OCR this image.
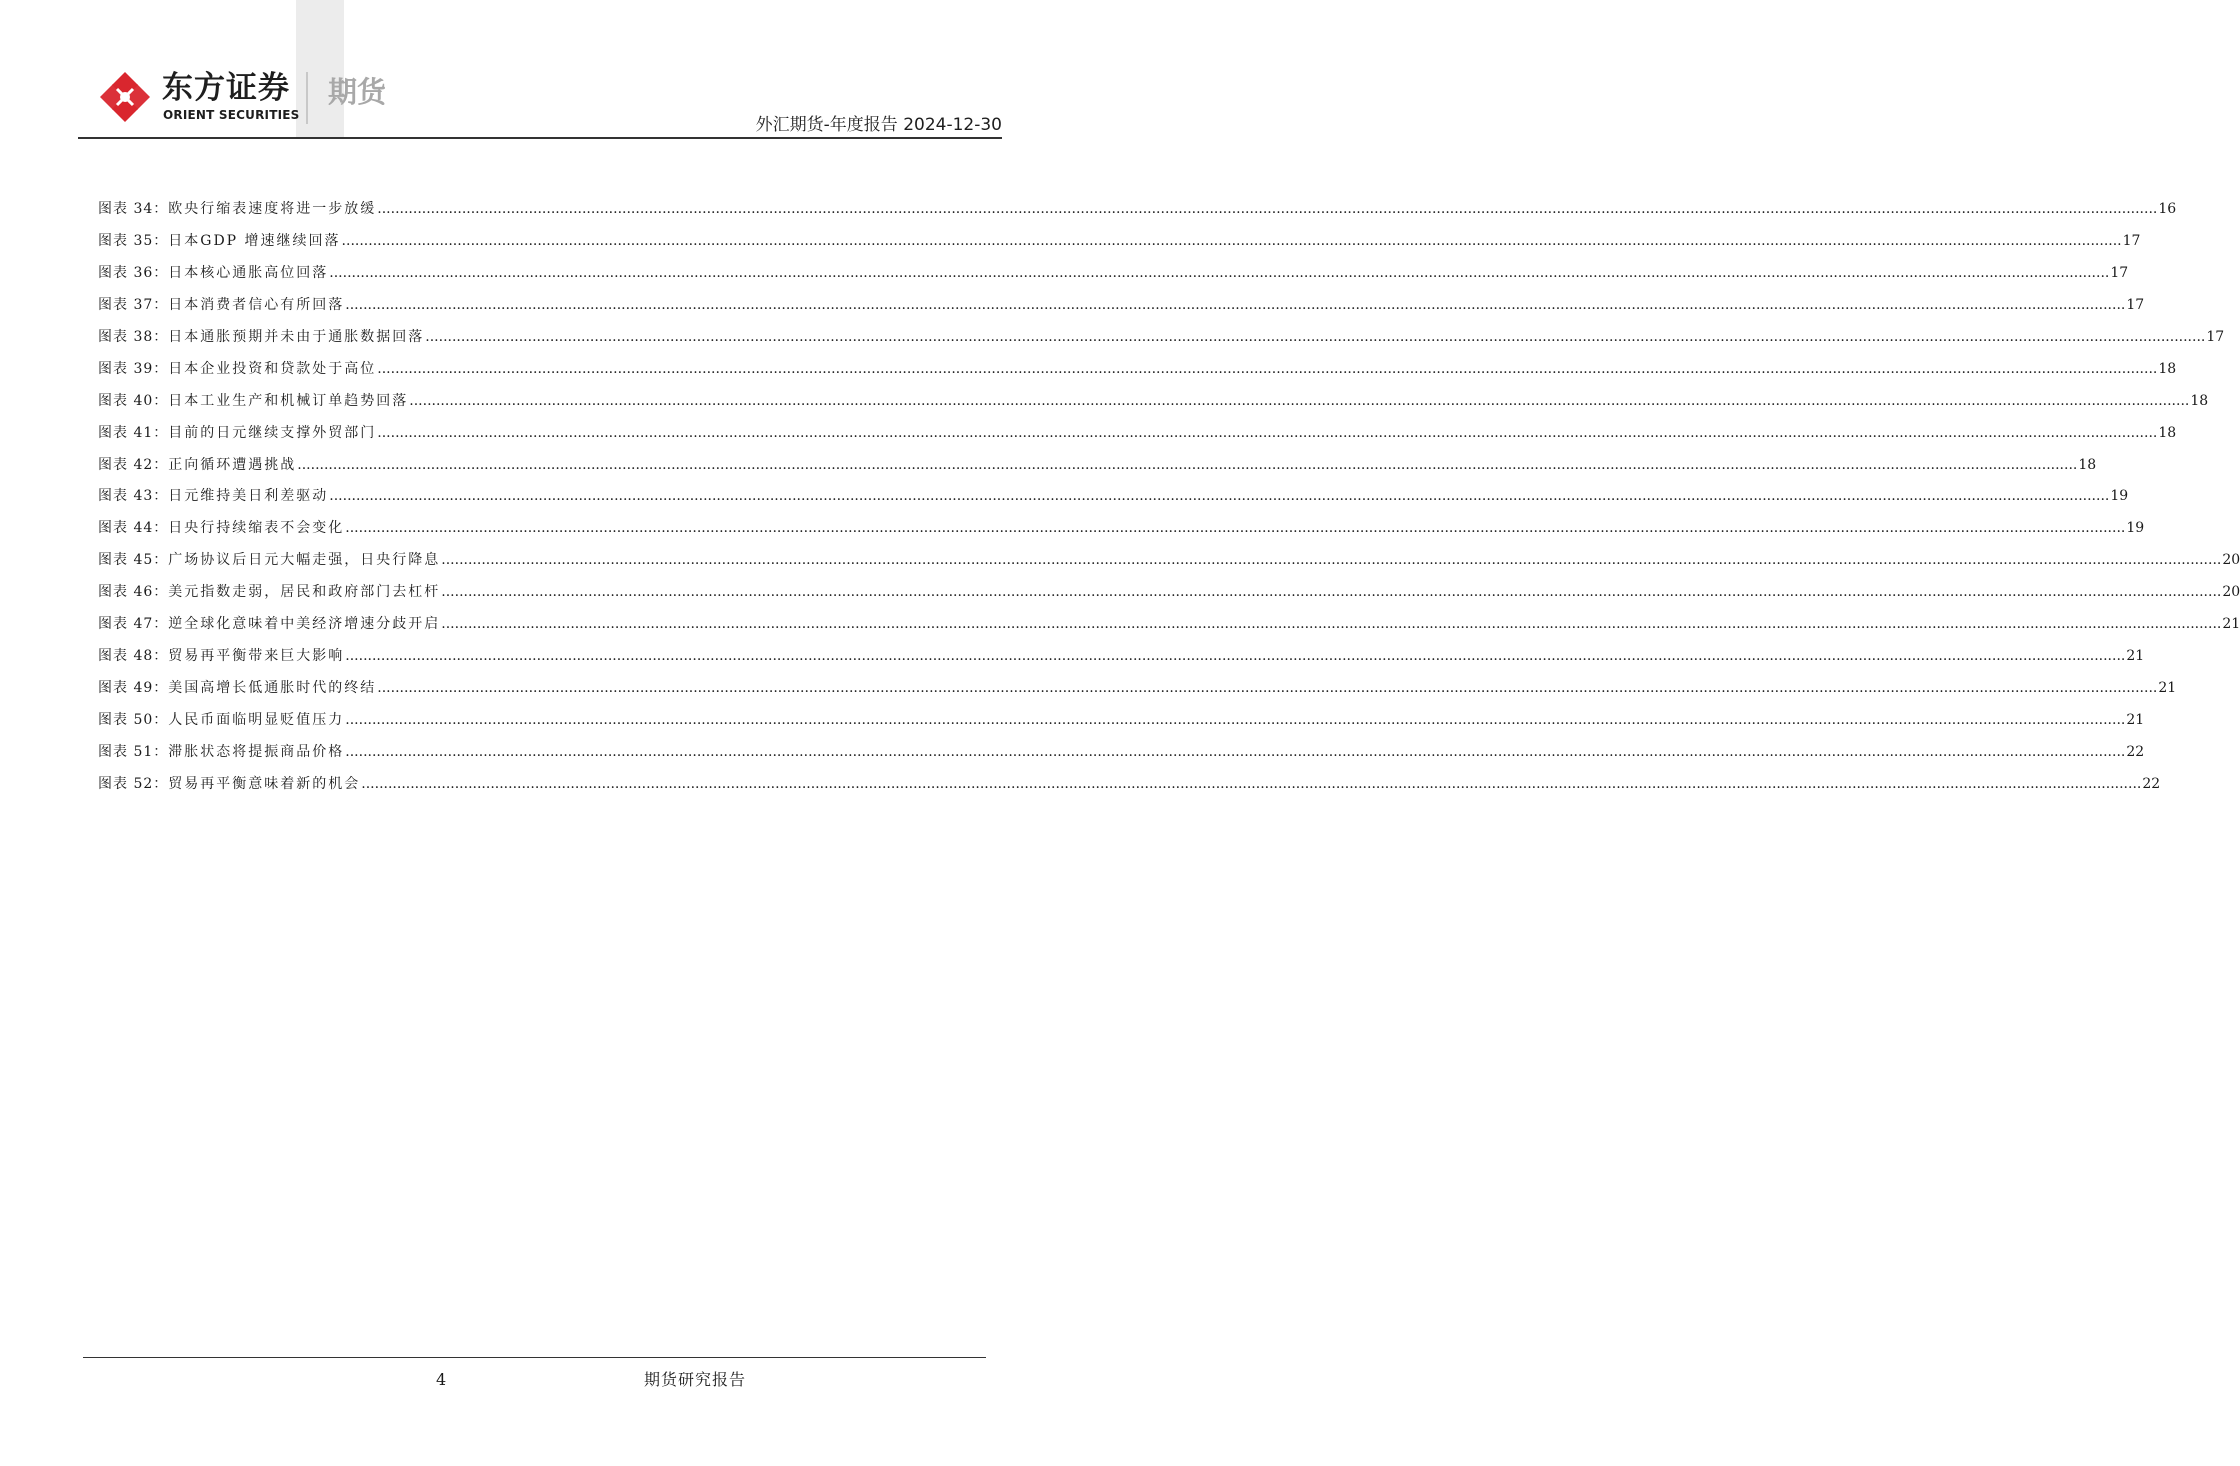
东方证券
ORIENT SECURITIES
期货
外汇期货-年度报告 2024-12-30
图表 34： 欧央行缩表速度将进一步放缓 ................................................................................................................................................................................................................................................................................................................................................................................................................ 16
图表 35： 日本GDP 增速继续回落 ................................................................................................................................................................................................................................................................................................................................................................................................................ 17
图表 36： 日本核心通胀高位回落 ................................................................................................................................................................................................................................................................................................................................................................................................................ 17
图表 37： 日本消费者信心有所回落 ................................................................................................................................................................................................................................................................................................................................................................................................................ 17
图表 38： 日本通胀预期并未由于通胀数据回落 ................................................................................................................................................................................................................................................................................................................................................................................................................ 17
图表 39： 日本企业投资和贷款处于高位 ................................................................................................................................................................................................................................................................................................................................................................................................................ 18
图表 40： 日本工业生产和机械订单趋势回落 ................................................................................................................................................................................................................................................................................................................................................................................................................ 18
图表 41： 目前的日元继续支撑外贸部门 ................................................................................................................................................................................................................................................................................................................................................................................................................ 18
图表 42： 正向循环遭遇挑战 ................................................................................................................................................................................................................................................................................................................................................................................................................ 18
图表 43： 日元维持美日利差驱动 ................................................................................................................................................................................................................................................................................................................................................................................................................ 19
图表 44： 日央行持续缩表不会变化 ................................................................................................................................................................................................................................................................................................................................................................................................................ 19
图表 45： 广场协议后日元大幅走强，日央行降息 ................................................................................................................................................................................................................................................................................................................................................................................................................ 20
图表 46： 美元指数走弱，居民和政府部门去杠杆 ................................................................................................................................................................................................................................................................................................................................................................................................................ 20
图表 47： 逆全球化意味着中美经济增速分歧开启 ................................................................................................................................................................................................................................................................................................................................................................................................................ 21
图表 48： 贸易再平衡带来巨大影响 ................................................................................................................................................................................................................................................................................................................................................................................................................ 21
图表 49： 美国高增长低通胀时代的终结 ................................................................................................................................................................................................................................................................................................................................................................................................................ 21
图表 50： 人民币面临明显贬值压力 ................................................................................................................................................................................................................................................................................................................................................................................................................ 21
图表 51： 滞胀状态将提振商品价格 ................................................................................................................................................................................................................................................................................................................................................................................................................ 22
图表 52： 贸易再平衡意味着新的机会 ................................................................................................................................................................................................................................................................................................................................................................................................................ 22
4	期货研究报告
